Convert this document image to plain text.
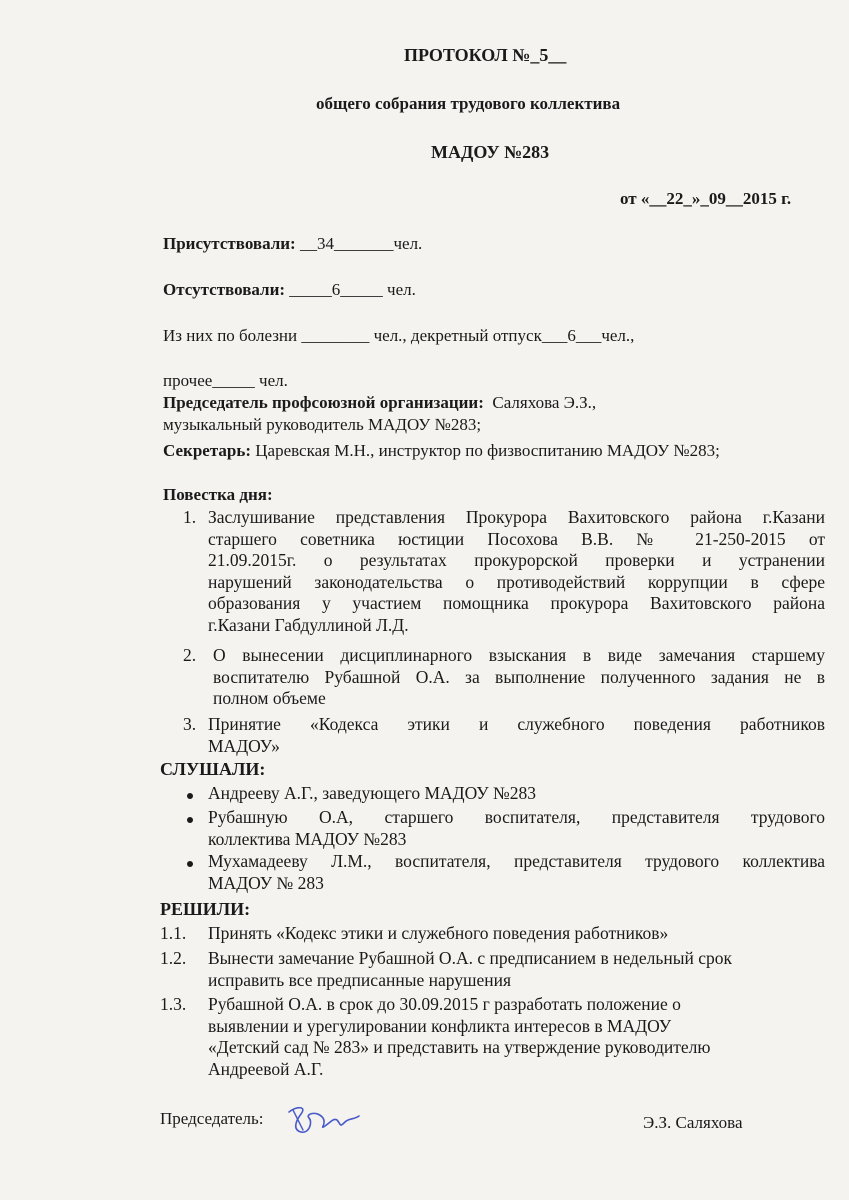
ПРОТОКОЛ №_5__
общего собрания трудового коллектива
МАДОУ №283
от «__22_»_09__2015 г.
Присутствовали: __34_______чел.
Отсутствовали: _____6_____ чел.
Из них по болезни ________ чел., декретный отпуск___6___чел.,
прочее_____ чел.
Председатель профсоюзной организации: Саляхова Э.З.,
музыкальный руководитель МАДОУ №283;
Секретарь: Царевская М.Н., инструктор по физвоспитанию МАДОУ №283;
Повестка дня:
1. Заслушивание представления Прокурора Вахитовского района г.Казани
старшего советника юстиции Посохова В.В. № 21-250-2015 от
21.09.2015г. о результатах прокурорской проверки и устранении
нарушений законодательства о противодействий коррупции в сфере
образования у участием помощника прокурора Вахитовского района
г.Казани Габдуллиной Л.Д.
2. О вынесении дисциплинарного взыскания в виде замечания старшему
воспитателю Рубашной О.А. за выполнение полученного задания не в
полном объеме
3. Принятие «Кодекса этики и служебного поведения работников
МАДОУ»
СЛУШАЛИ:
Андрееву А.Г., заведующего МАДОУ №283
Рубашную О.А, старшего воспитателя, представителя трудового
коллектива МАДОУ №283
Мухамадееву Л.М., воспитателя, представителя трудового коллектива
МАДОУ № 283
РЕШИЛИ:
1.1. Принять «Кодекс этики и служебного поведения работников»
1.2. Вынести замечание Рубашной О.А. с предписанием в недельный срок
исправить все предписанные нарушения
1.3. Рубашной О.А. в срок до 30.09.2015 г разработать положение о
выявлении и урегулировании конфликта интересов в МАДОУ
«Детский сад № 283» и представить на утверждение руководителю
Андреевой А.Г.
Председатель:	Э.З. Саляхова
